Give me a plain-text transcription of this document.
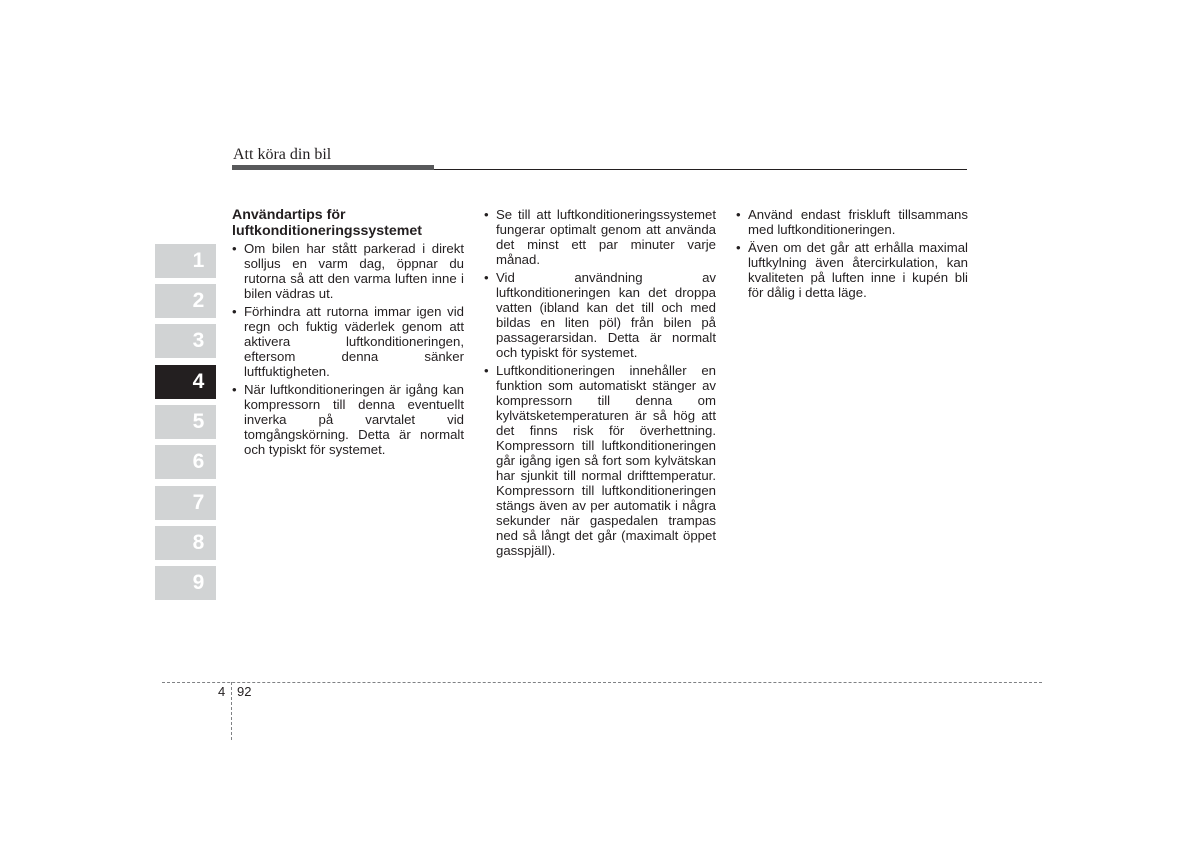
Att köra din bil
1
2
3
4
5
6
7
8
9
Användartips för
luftkonditioneringssystemet
• Om bilen har stått parkerad i direkt solljus en varm dag, öppnar du rutorna så att den varma luften inne i bilen vädras ut.
• Förhindra att rutorna immar igen vid regn och fuktig väderlek genom att aktivera luftkonditioneringen, eftersom denna sänker luftfuktigheten.
• När luftkonditioneringen är igång kan kompressorn till denna eventuellt inverka på varvtalet vid tomgångskörning. Detta är normalt och typiskt för systemet.
• Se till att luftkonditioneringssystemet fungerar optimalt genom att använda det minst ett par minuter varje månad.
• Vid användning av luftkonditioneringen kan det droppa vatten (ibland kan det till och med bildas en liten pöl) från bilen på passagerarsidan. Detta är normalt och typiskt för systemet.
• Luftkonditioneringen innehåller en funktion som automatiskt stänger av kompressorn till denna om kylvätsketemperaturen är så hög att det finns risk för överhettning. Kompressorn till luftkonditioneringen går igång igen så fort som kylvätskan har sjunkit till normal drifttemperatur. Kompressorn till luftkonditioneringen stängs även av per automatik i några sekunder när gaspedalen trampas ned så långt det går (maximalt öppet gasspjäll).
• Använd endast friskluft tillsammans med luftkonditioneringen.
• Även om det går att erhålla maximal luftkylning även återcirkulation, kan kvaliteten på luften inne i kupén bli för dålig i detta läge.
4 92
